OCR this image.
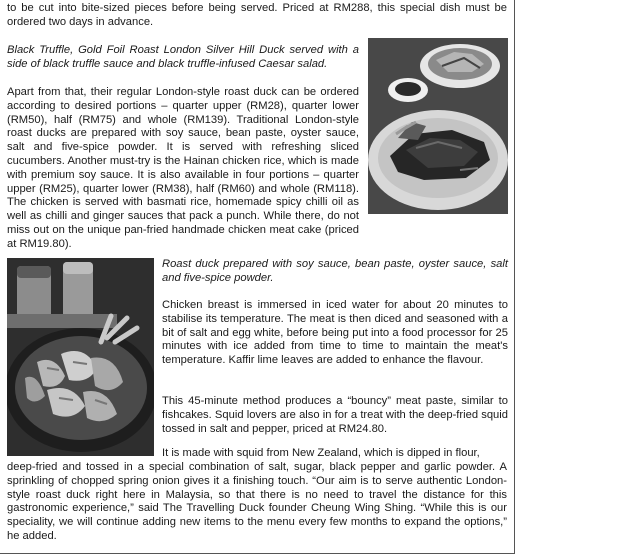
to be cut into bite-sized pieces before being served. Priced at RM288, this special dish must be ordered two days in advance.

Black Truffle, Gold Foil Roast London Silver Hill Duck served with a side of black truffle sauce and black truffle-infused Caesar salad.

Apart from that, their regular London-style roast duck can be ordered according to desired portions – quarter upper (RM28), quarter lower (RM50), half (RM75) and whole (RM139). Traditional London-style roast ducks are prepared with soy sauce, bean paste, oyster sauce, salt and five-spice powder. It is served with refreshing sliced cucumbers. Another must-try is the Hainan chicken rice, which is made with premium soy sauce. It is also available in four portions – quarter upper (RM25), quarter lower (RM38), half (RM60) and whole (RM118). The chicken is served with basmati rice, homemade spicy chilli oil as well as chilli and ginger sauces that pack a punch. While there, do not miss out on the unique pan-fried handmade chicken meat cake (priced at RM19.80).

Roast duck prepared with soy sauce, bean paste, oyster sauce, salt and five-spice powder.

Chicken breast is immersed in iced water for about 20 minutes to stabilise its temperature. The meat is then diced and seasoned with a bit of salt and egg white, before being put into a food processor for 25 minutes with ice added from time to time to maintain the meat's temperature. Kaffir lime leaves are added to enhance the flavour.

This 45-minute method produces a “bouncy” meat paste, similar to fishcakes. Squid lovers are also in for a treat with the deep-fried squid tossed in salt and pepper, priced at RM24.80.

It is made with squid from New Zealand, which is dipped in flour,

deep-fried and tossed in a special combination of salt, sugar, black pepper and garlic powder. A sprinkling of chopped spring onion gives it a finishing touch. “Our aim is to serve authentic London-style roast duck right here in Malaysia, so that there is no need to travel the distance for this gastronomic experience,” said The Travelling Duck founder Cheung Wing Shing. “While this is our speciality, we will continue adding new items to the menu every few months to expand the options,” he added.
